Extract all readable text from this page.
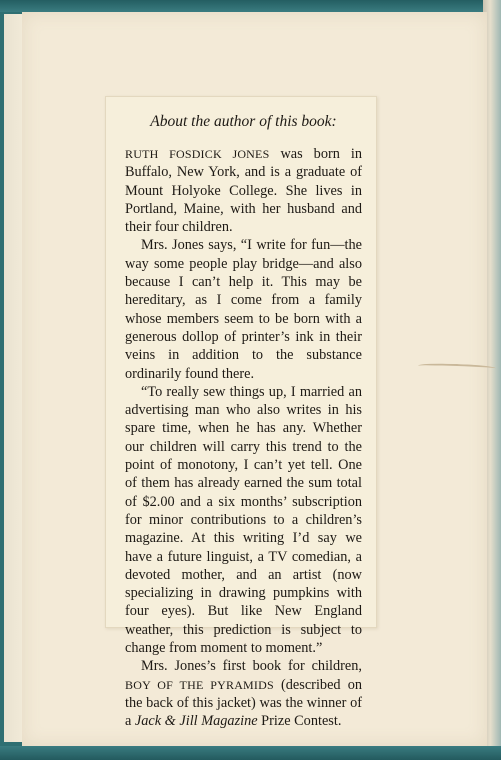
About the author of this book:

RUTH FOSDICK JONES was born in Buffalo, New York, and is a graduate of Mount Holyoke College. She lives in Portland, Maine, with her husband and their four children.

Mrs. Jones says, “I write for fun—the way some people play bridge—and also because I can’t help it. This may be hereditary, as I come from a family whose members seem to be born with a generous dollop of printer’s ink in their veins in addition to the substance ordinarily found there.

“To really sew things up, I married an advertising man who also writes in his spare time, when he has any. Whether our children will carry this trend to the point of monotony, I can’t yet tell. One of them has already earned the sum total of $2.00 and a six months’ subscription for minor contributions to a children’s magazine. At this writing I’d say we have a future linguist, a TV comedian, a devoted mother, and an artist (now specializing in drawing pumpkins with four eyes). But like New England weather, this prediction is subject to change from moment to moment.”

Mrs. Jones’s first book for children, BOY OF THE PYRAMIDS (described on the back of this jacket) was the winner of a Jack & Jill Magazine Prize Contest.
